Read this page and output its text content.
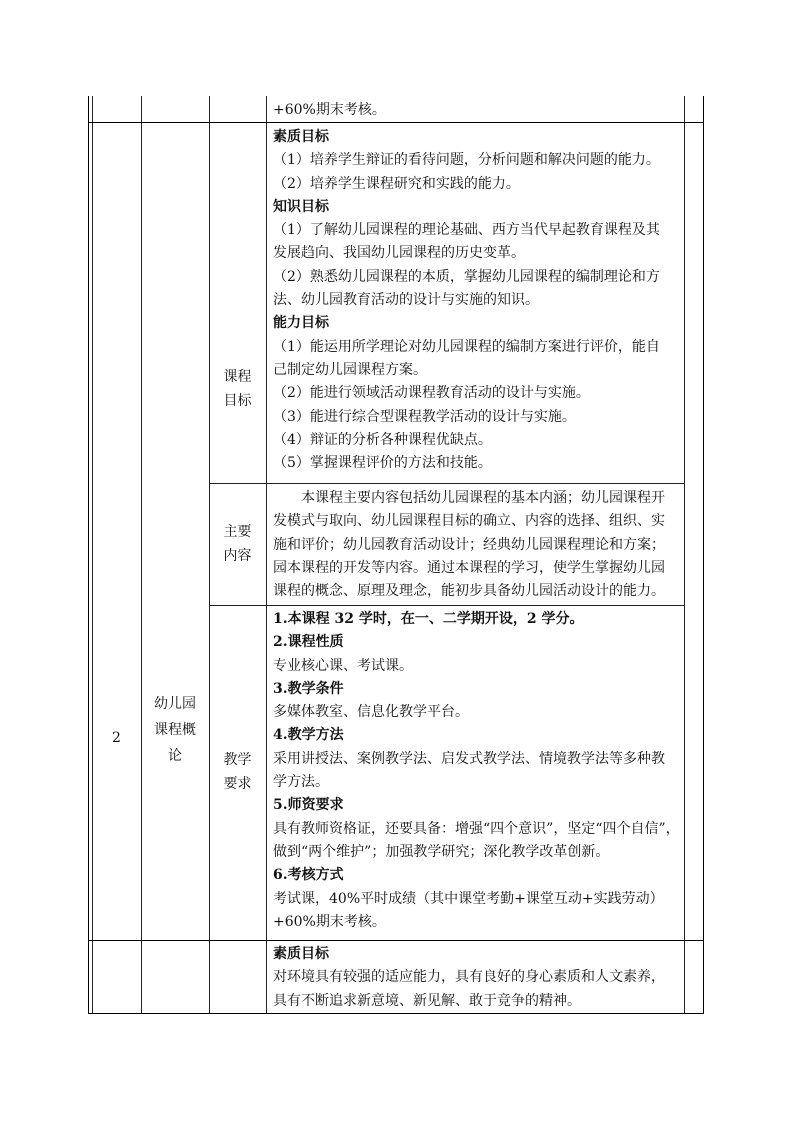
+60%期末考核。
2
幼儿园
课程概
论
课程
目标
素质目标
（1）培养学生辩证的看待问题，分析问题和解决问题的能力。
（2）培养学生课程研究和实践的能力。
知识目标
（1）了解幼儿园课程的理论基础、西方当代早起教育课程及其
发展趋向、我国幼儿园课程的历史变革。
（2）熟悉幼儿园课程的本质，掌握幼儿园课程的编制理论和方
法、幼儿园教育活动的设计与实施的知识。
能力目标
（1）能运用所学理论对幼儿园课程的编制方案进行评价，能自
己制定幼儿园课程方案。
（2）能进行领域活动课程教育活动的设计与实施。
（3）能进行综合型课程教学活动的设计与实施。
（4）辩证的分析各种课程优缺点。
（5）掌握课程评价的方法和技能。
主要
内容
本课程主要内容包括幼儿园课程的基本内涵；幼儿园课程开
发模式与取向、幼儿园课程目标的确立、内容的选择、组织、实
施和评价；幼儿园教育活动设计；经典幼儿园课程理论和方案；
园本课程的开发等内容。通过本课程的学习，使学生掌握幼儿园
课程的概念、原理及理念，能初步具备幼儿园活动设计的能力。
教学
要求
1.本课程 32 学时，在一、二学期开设，2 学分。
2.课程性质
专业核心课、考试课。
3.教学条件
多媒体教室、信息化教学平台。
4.教学方法
采用讲授法、案例教学法、启发式教学法、情境教学法等多种教
学方法。
5.师资要求
具有教师资格证，还要具备：增强“四个意识”，坚定“四个自信”，
做到“两个维护”；加强教学研究；深化教学改革创新。
6.考核方式
考试课，40%平时成绩（其中课堂考勤+课堂互动+实践劳动）
+60%期末考核。
素质目标
对环境具有较强的适应能力，具有良好的身心素质和人文素养，
具有不断追求新意境、新见解、敢于竞争的精神。
